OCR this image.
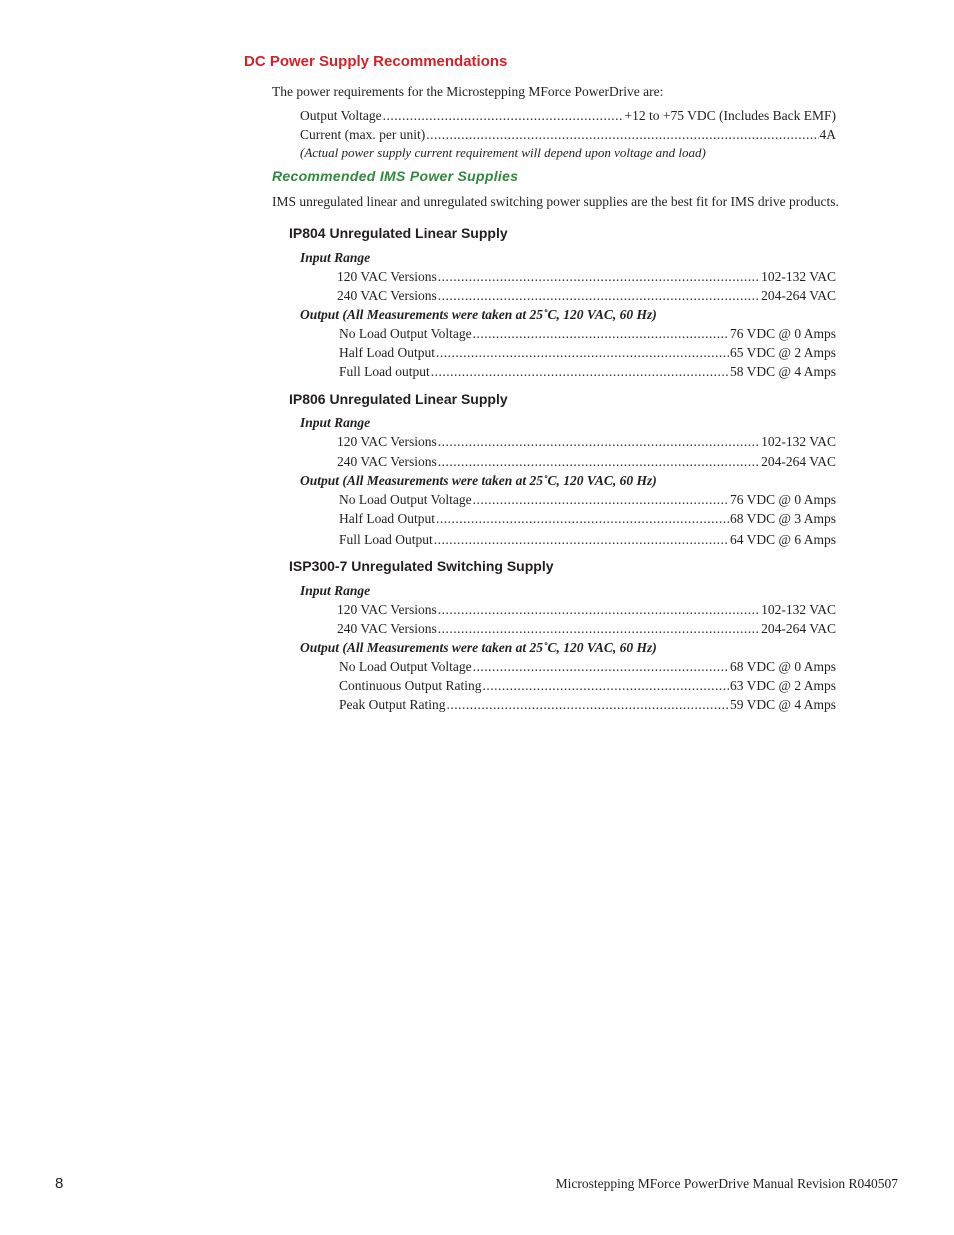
DC Power Supply Recommendations

The power requirements for the Microstepping MForce PowerDrive are:

Output Voltage .....	+12 to +75 VDC (Includes Back EMF)
Current (max. per unit) .....	4A

(Actual power supply current requirement will depend upon voltage and load)

Recommended IMS Power Supplies

IMS unregulated linear and unregulated switching power supplies are the best fit for IMS drive products.

IP804 Unregulated Linear Supply

Input Range

120 VAC Versions .....	102-132 VAC
240 VAC Versions .....	204-264 VAC

Output (All Measurements were taken at 25˚C, 120 VAC, 60 Hz)

No Load Output Voltage .....	76 VDC @ 0 Amps
Half Load Output .....	65 VDC @ 2 Amps
Full Load output .....	58 VDC @ 4 Amps
IP806 Unregulated Linear Supply

Input Range

120 VAC Versions .....	102-132 VAC
240 VAC Versions .....	204-264 VAC

Output (All Measurements were taken at 25˚C, 120 VAC, 60 Hz)

No Load Output Voltage .....	76 VDC @ 0 Amps
Half Load Output .....	68 VDC @ 3 Amps
Full Load Output .....	64 VDC @ 6 Amps
ISP300-7 Unregulated Switching Supply

Input Range

120 VAC Versions .....	102-132 VAC
240 VAC Versions .....	204-264 VAC

Output (All Measurements were taken at 25˚C, 120 VAC, 60 Hz)

No Load Output Voltage .....	68 VDC @ 0 Amps
Continuous Output Rating .....	63 VDC @ 2 Amps
Peak Output Rating .....	59 VDC @ 4 Amps

8	Microstepping MForce PowerDrive Manual Revision R040507
